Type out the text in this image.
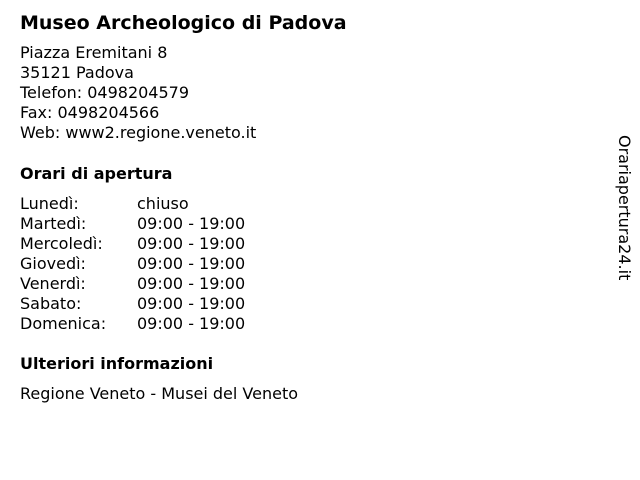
Museo Archeologico di Padova
Piazza Eremitani 8
35121 Padova
Telefon: 0498204579
Fax: 0498204566
Web: www2.regione.veneto.it
Orari di apertura
Lunedì:	chiuso
Martedì:	09:00 - 19:00
Mercoledì: 09:00 - 19:00
Giovedì:	09:00 - 19:00
Venerdì:	09:00 - 19:00
Sabato:	09:00 - 19:00
Domenica: 09:00 - 19:00
Ulteriori informazioni
Regione Veneto - Musei del Veneto
Orariapertura24.it
